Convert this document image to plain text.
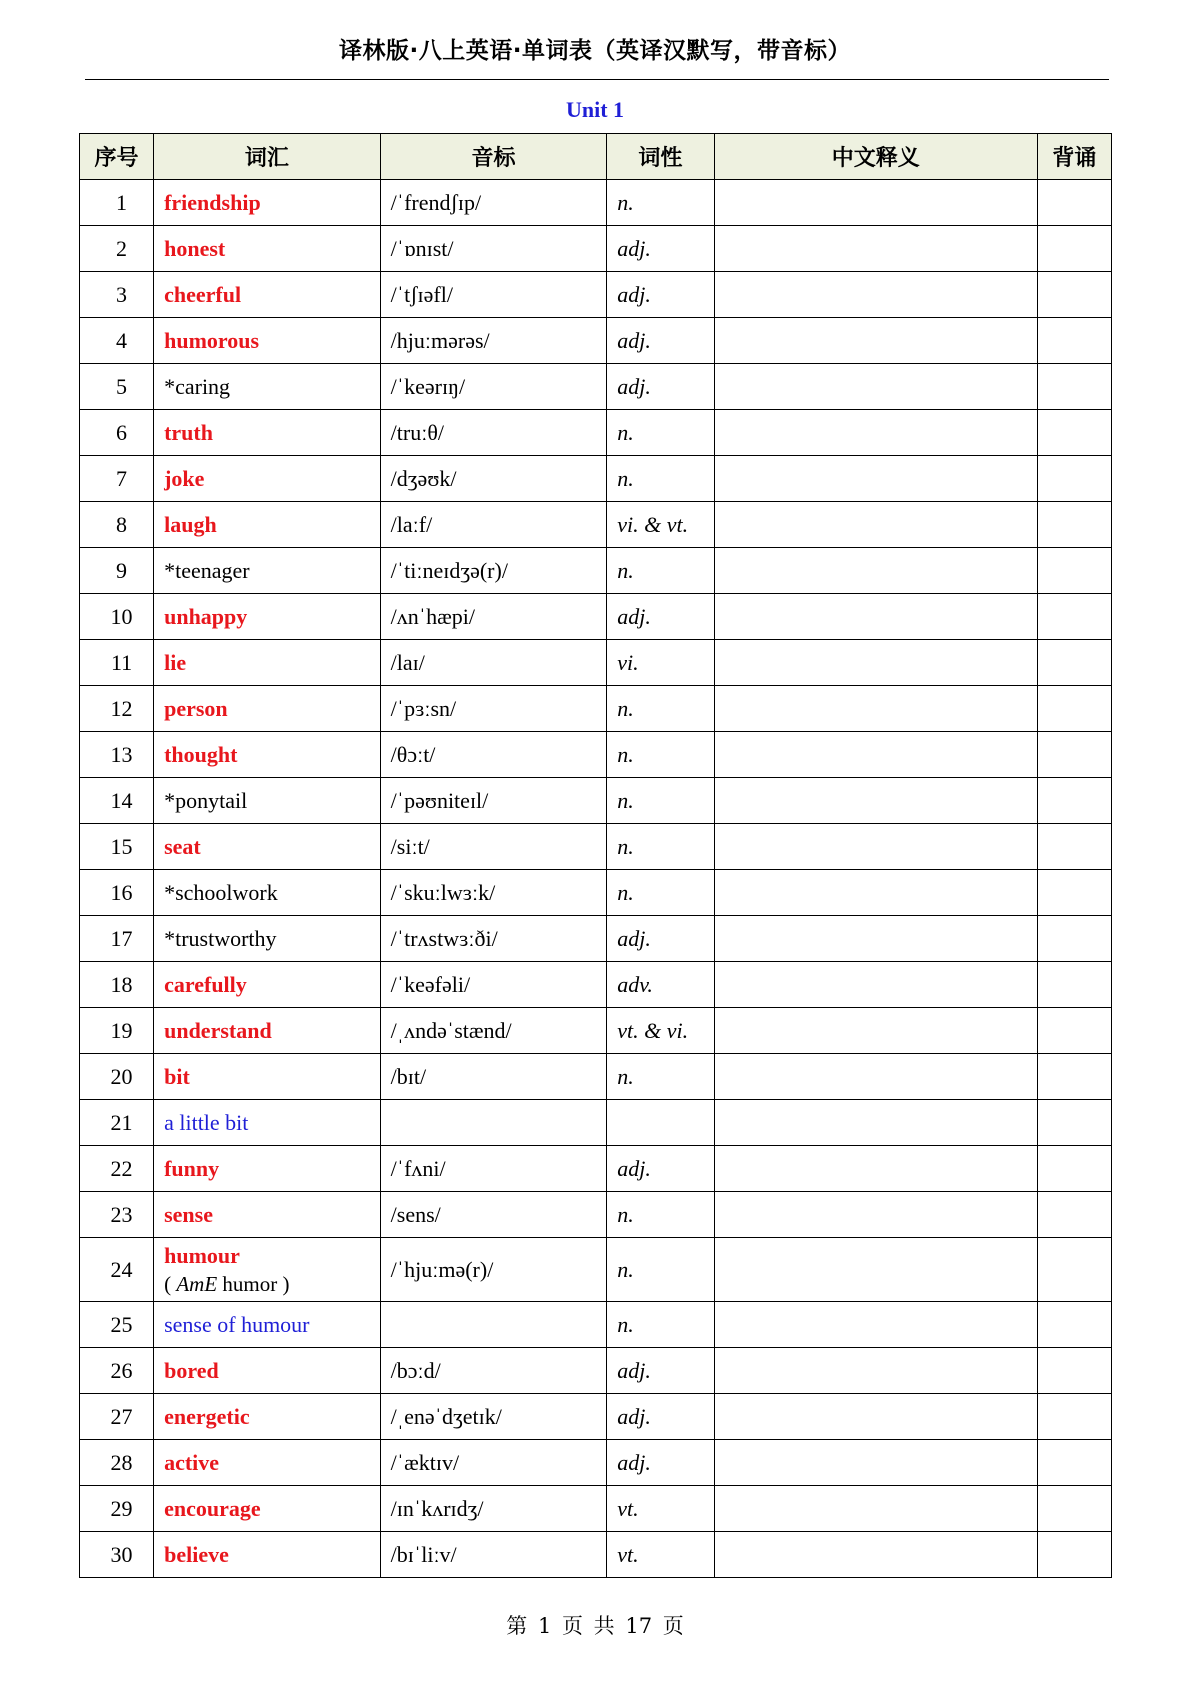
译林版·八上英语·单词表（英译汉默写，带音标）
Unit 1
序号	词汇	音标	词性	中文释义	背诵
1	friendship	/ˈfrendʃɪp/	n.		
2	honest	/ˈɒnɪst/	adj.		
3	cheerful	/ˈtʃɪəfl/	adj.		
4	humorous	/hjuːmərəs/	adj.		
5	*caring	/ˈkeərɪŋ/	adj.		
6	truth	/truːθ/	n.		
7	joke	/dʒəʊk/	n.		
8	laugh	/laːf/	vi. & vt.		
9	*teenager	/ˈtiːneɪdʒə(r)/	n.		
10	unhappy	/ʌnˈhæpi/	adj.		
11	lie	/laɪ/	vi.		
12	person	/ˈpɜːsn/	n.		
13	thought	/θɔːt/	n.		
14	*ponytail	/ˈpəʊniteɪl/	n.		
15	seat	/siːt/	n.		
16	*schoolwork	/ˈskuːlwɜːk/	n.		
17	*trustworthy	/ˈtrʌstwɜːði/	adj.		
18	carefully	/ˈkeəfəli/	adv.		
19	understand	/ˌʌndəˈstænd/	vt. & vi.		
20	bit	/bɪt/	n.		
21	a little bit				
22	funny	/ˈfʌni/	adj.		
23	sense	/sens/	n.		
24	humour
( AmE humor )	/ˈhjuːmə(r)/	n.		
25	sense of humour		n.		
26	bored	/bɔːd/	adj.		
27	energetic	/ˌenəˈdʒetɪk/	adj.		
28	active	/ˈæktɪv/	adj.		
29	encourage	/ɪnˈkʌrɪdʒ/	vt.		
30	believe	/bɪˈliːv/	vt.		
第 1 页 共 17 页
